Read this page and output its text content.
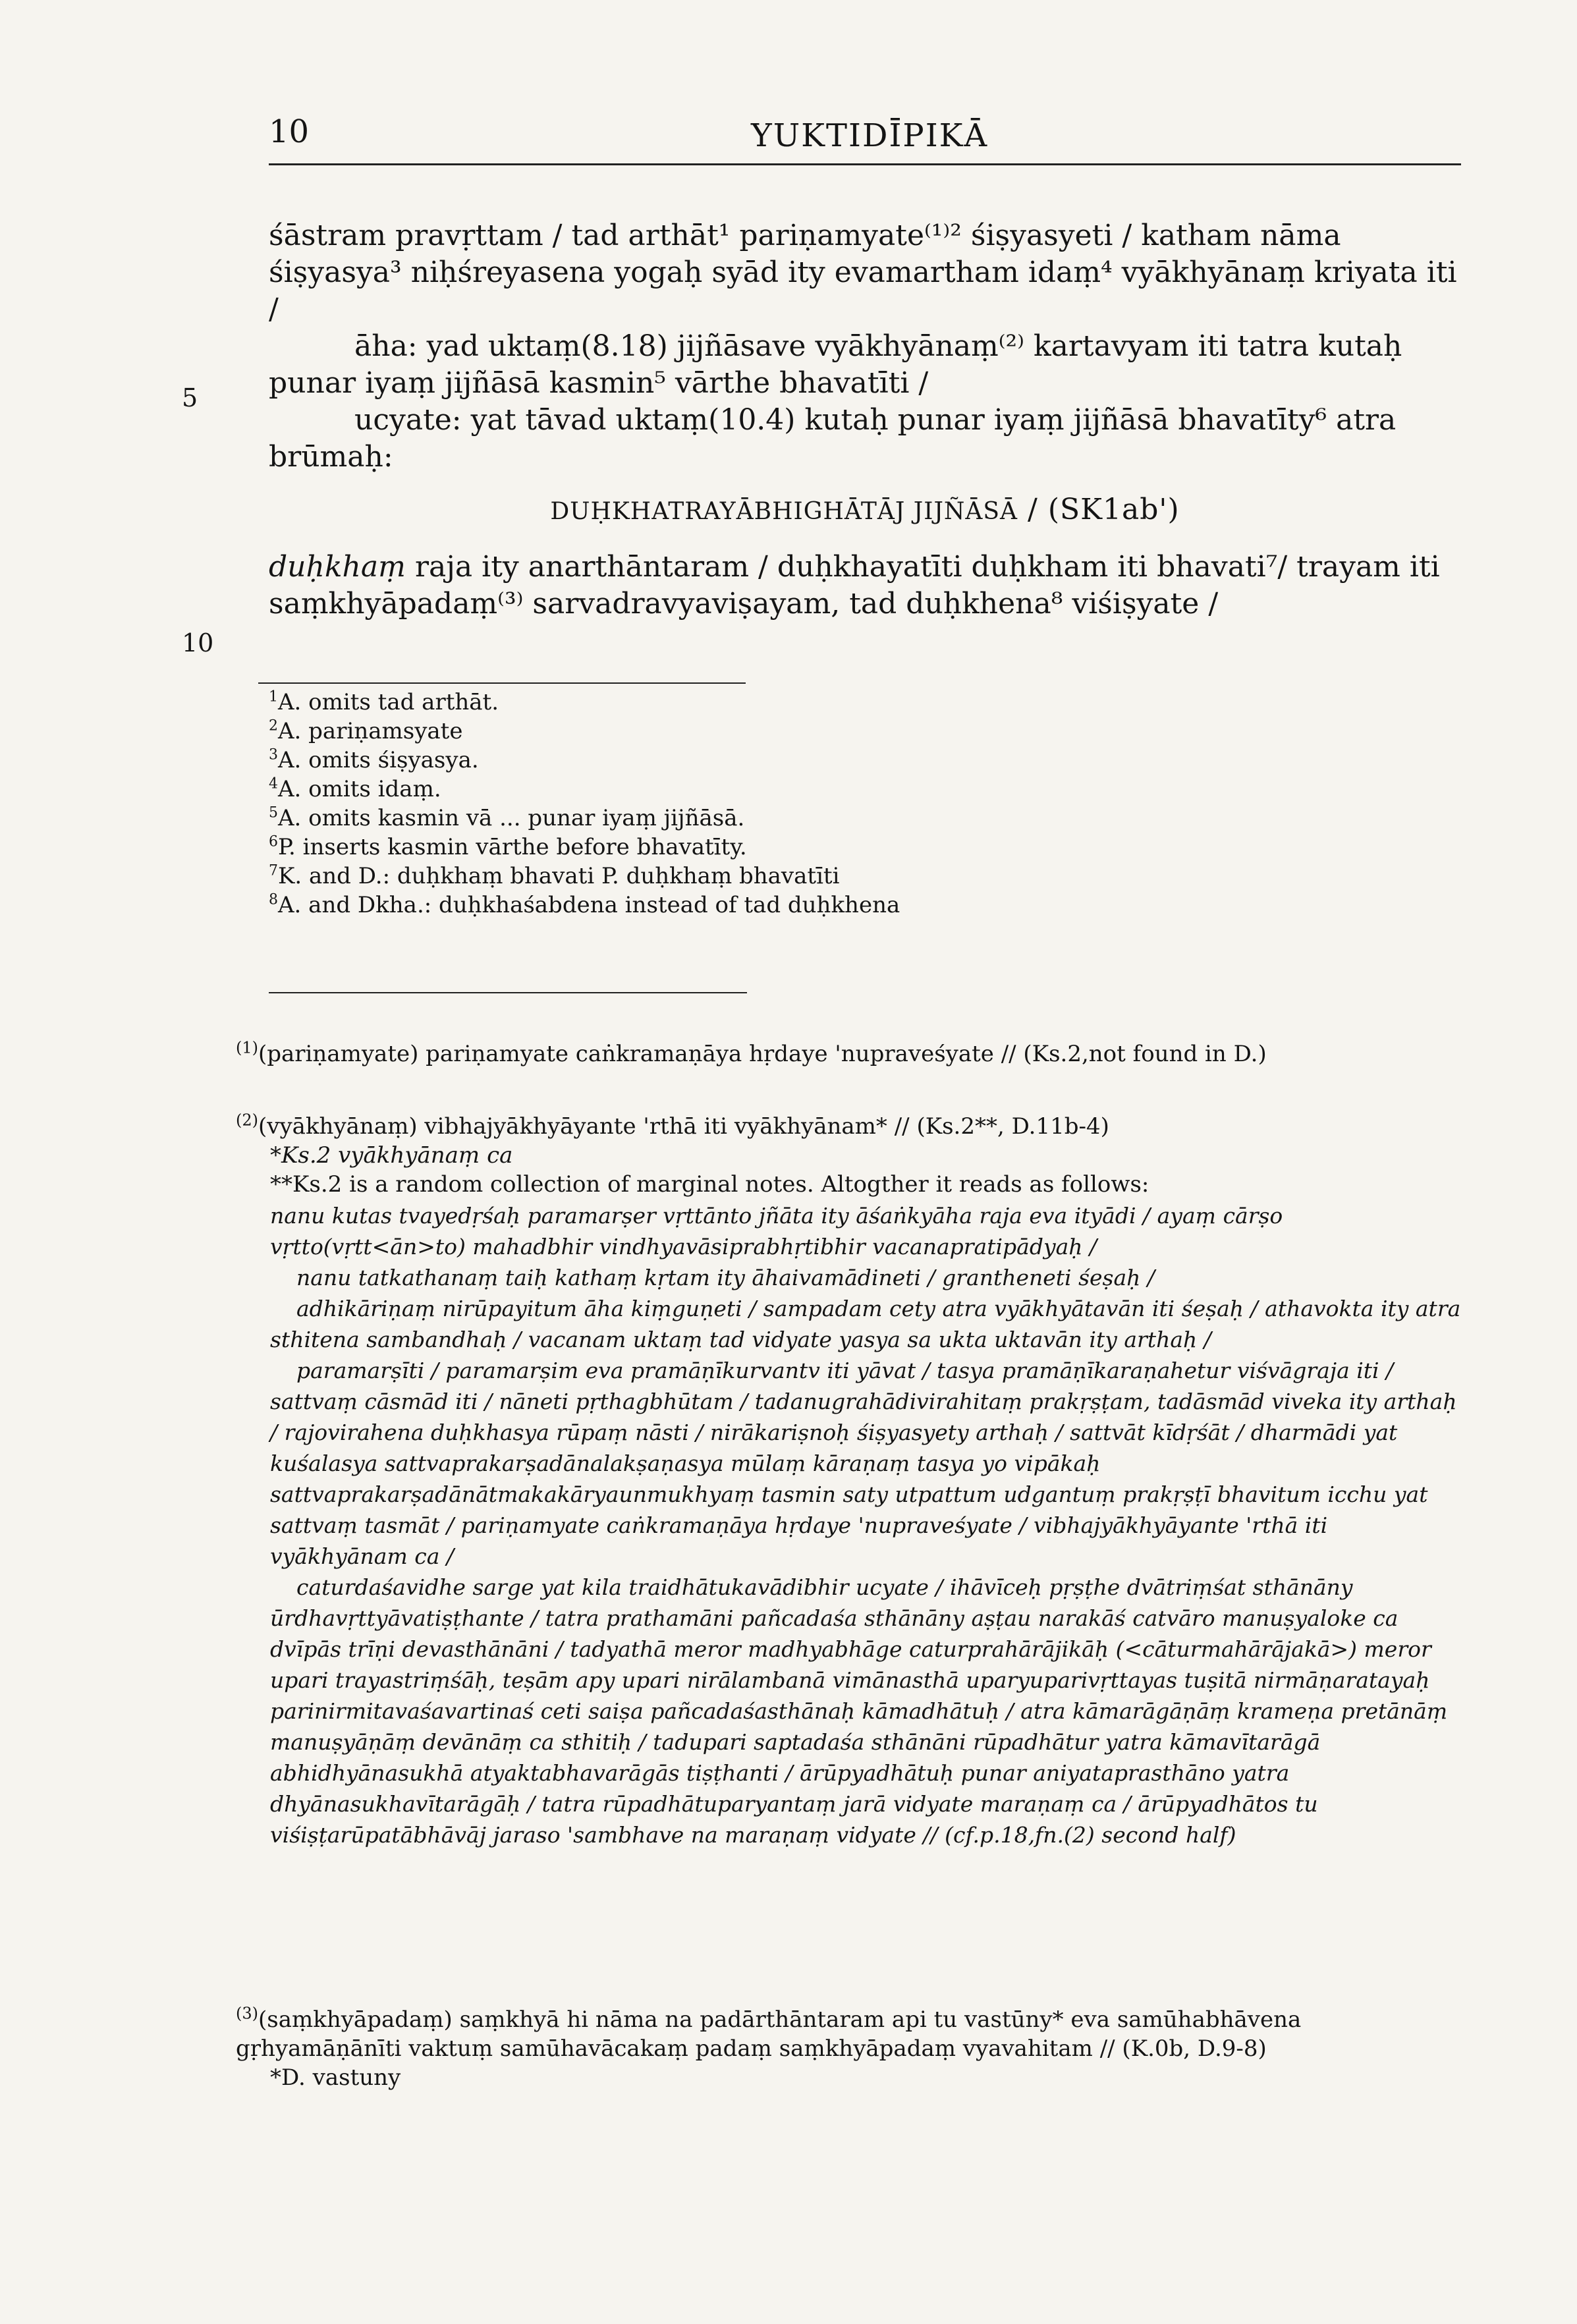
10	YUKTIDĪPIKĀ
5
10

śāstram pravṛttam / tad arthāt¹ pariṇamyate⁽¹⁾² śiṣyasyeti / katham nāma śiṣyasya³ niḥśreyasena yogaḥ syād ity evamartham idaṃ⁴ vyākhyānaṃ kriyata iti /

āha: yad uktaṃ(8.18) jijñāsave vyākhyānaṃ⁽²⁾ kartavyam iti tatra kutaḥ punar iyaṃ jijñāsā kasmin⁵ vārthe bhavatīti /

ucyate: yat tāvad uktaṃ(10.4) kutaḥ punar iyaṃ jijñāsā bhavatīty⁶ atra brūmaḥ:

DUḤKHATRAYĀBHIGHĀTĀJ JIJÑĀSĀ / (SK1ab')

duḥkhaṃ raja ity anarthāntaram / duḥkhayatīti duḥkham iti bhavati⁷/ trayam iti saṃkhyāpadaṃ⁽³⁾ sarvadravyaviṣayam, tad duḥkhena⁸ viśiṣyate /

$^1$A. omits tad arthāt.
$^2$A. pariṇamsyate
$^3$A. omits śiṣyasya.
$^4$A. omits idaṃ.
$^5$A. omits kasmin vā ... punar iyaṃ jijñāsā.
$^6$P. inserts kasmin vārthe before bhavatīty.
$^7$K. and D.: duḥkhaṃ bhavati P. duḥkhaṃ bhavatīti
$^8$A. and Dkha.: duḥkhaśabdena instead of tad duḥkhena

$^{(1)}$(pariṇamyate) pariṇamyate caṅkramaṇāya hṛdaye 'nupraveśyate // (Ks.2,not found in D.)

$^{(2)}$(vyākhyānaṃ) vibhajyākhyāyante 'rthā iti vyākhyānam* // (Ks.2**, D.11b-4)

*Ks.2 vyākhyānaṃ ca

**Ks.2 is a random collection of marginal notes. Altogther it reads as follows:

nanu kutas tvayedṛśaḥ paramarṣer vṛttānto jñāta ity āśaṅkyāha raja eva ityādi / ayaṃ cārṣo vṛtto(vṛtt<ān>to) mahadbhir vindhyavāsiprabhṛtibhir vacanapratipādyaḥ /

nanu tatkathanaṃ taiḥ kathaṃ kṛtam ity āhaivamādineti / grantheneti śeṣaḥ /

adhikāriṇaṃ nirūpayitum āha kiṃguṇeti / sampadam cety atra vyākhyātavān iti śeṣaḥ / athavokta ity atra sthitena sambandhaḥ / vacanam uktaṃ tad vidyate yasya sa ukta uktavān ity arthaḥ /

paramarṣīti / paramarṣim eva pramāṇīkurvantv iti yāvat / tasya pramāṇīkaraṇahetur viśvāgraja iti / sattvaṃ cāsmād iti / nāneti pṛthagbhūtam / tadanugrahādivirahitaṃ prakṛṣṭam, tadāsmād viveka ity arthaḥ / rajovirahena duḥkhasya rūpaṃ nāsti / nirākariṣnoḥ śiṣyasyety arthaḥ / sattvāt kīdṛśāt / dharmādi yat kuśalasya sattvaprakarṣadānalakṣaṇasya mūlaṃ kāraṇaṃ tasya yo vipākaḥ sattvaprakarṣadānātmakakāryaunmukhyaṃ tasmin saty utpattum udgantuṃ prakṛṣṭī bhavitum icchu yat sattvaṃ tasmāt / pariṇamyate caṅkramaṇāya hṛdaye 'nupraveśyate / vibhajyākhyāyante 'rthā iti vyākhyānam ca /

caturdaśavidhe sarge yat kila traidhātukavādibhir ucyate / ihāvīceḥ pṛṣṭhe dvātriṃśat sthānāny ūrdhavṛttyāvatiṣṭhante / tatra prathamāni pañcadaśa sthānāny aṣṭau narakāś catvāro manuṣyaloke ca dvīpās trīṇi devasthānāni / tadyathā meror madhyabhāge caturprahārājikāḥ (<cāturmahārājakā>) meror upari trayastriṃśāḥ, teṣām apy upari nirālambanā vimānasthā uparyuparivṛttayas tuṣitā nirmāṇaratayaḥ parinirmitavaśavartinaś ceti saiṣa pañcadaśasthānaḥ kāmadhātuḥ / atra kāmarāgāṇāṃ krameṇa pretānāṃ manuṣyāṇāṃ devānāṃ ca sthitiḥ / tadupari saptadaśa sthānāni rūpadhātur yatra kāmavītarāgā abhidhyānasukhā atyaktabhavarāgās tiṣṭhanti / ārūpyadhātuḥ punar aniyataprasthāno yatra dhyānasukhavītarāgāḥ / tatra rūpadhātuparyantaṃ jarā vidyate maraṇaṃ ca / ārūpyadhātos tu viśiṣṭarūpatābhāvāj jaraso 'sambhave na maraṇaṃ vidyate // (cf.p.18,fn.(2) second half)

$^{(3)}$(saṃkhyāpadaṃ) saṃkhyā hi nāma na padārthāntaram api tu vastūny* eva samūhabhāvena gṛhyamāṇānīti vaktuṃ samūhavācakaṃ padaṃ saṃkhyāpadaṃ vyavahitam // (K.0b, D.9-8)

*D. vastuny
